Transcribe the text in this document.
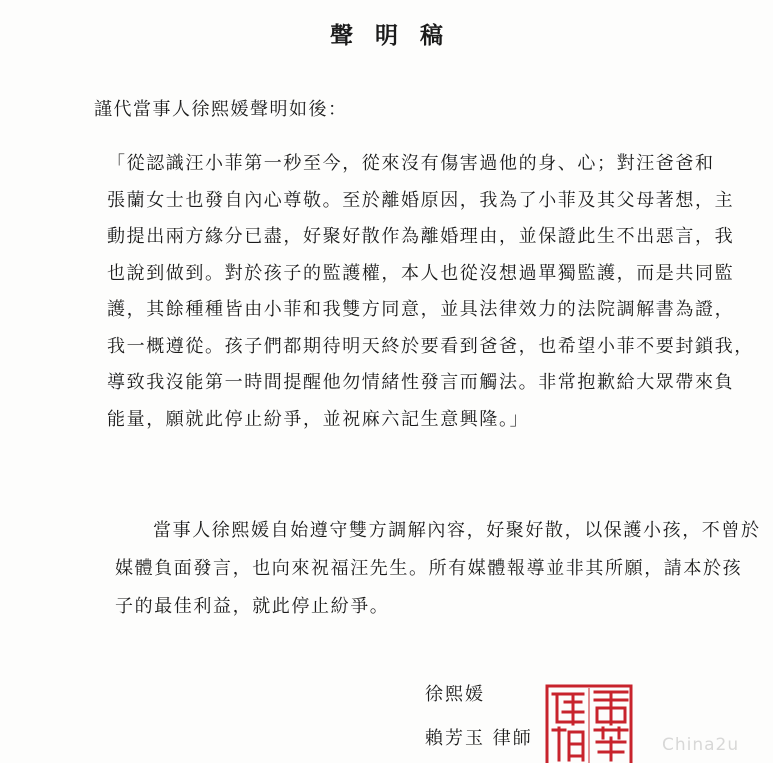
聲明稿
謹代當事人徐熙媛聲明如後：

「從認識汪小菲第一秒至今，從來沒有傷害過他的身、心；對汪爸爸和

張蘭女士也發自內心尊敬。至於離婚原因，我為了小菲及其父母著想，主

動提出兩方緣分已盡，好聚好散作為離婚理由，並保證此生不出惡言，我

也說到做到。對於孩子的監護權，本人也從沒想過單獨監護，而是共同監

護，其餘種種皆由小菲和我雙方同意，並具法律效力的法院調解書為證，

我一概遵從。孩子們都期待明天終於要看到爸爸，也希望小菲不要封鎖我，

導致我沒能第一時間提醒他勿情緒性發言而觸法。非常抱歉給大眾帶來負

能量，願就此停止紛爭，並祝麻六記生意興隆。」

當事人徐熙媛自始遵守雙方調解內容，好聚好散，以保護小孩，不曾於

媒體負面發言，也向來祝福汪先生。所有媒體報導並非其所願，請本於孩

子的最佳利益，就此停止紛爭。

徐熙媛
賴芳玉 律師	China2u
